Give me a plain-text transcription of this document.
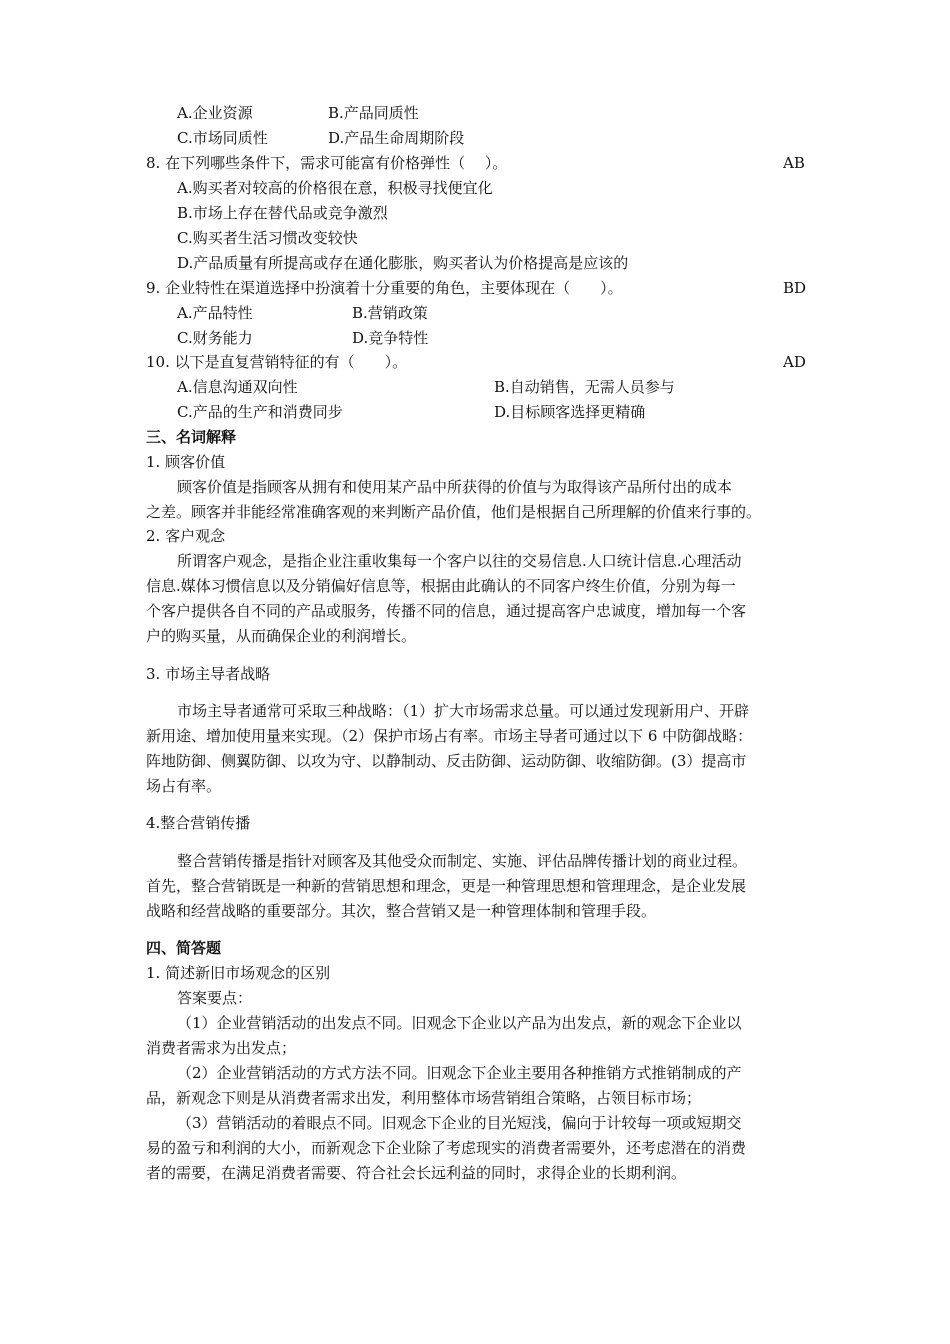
A.企业资源	B.产品同质性
C.市场同质性	D.产品生命周期阶段
8. 在下列哪些条件下，需求可能富有价格弹性（　 ）。	AB
A.购买者对较高的价格很在意，积极寻找便宜化
B.市场上存在替代品或竞争激烈
C.购买者生活习惯改变较快
D.产品质量有所提高或存在通化膨胀，购买者认为价格提高是应该的
9. 企业特性在渠道选择中扮演着十分重要的角色，主要体现在（　　）。	BD
A.产品特性	B.营销政策
C.财务能力	D.竞争特性
10. 以下是直复营销特征的有（　　）。	AD
A.信息沟通双向性	B.自动销售，无需人员参与
C.产品的生产和消费同步	D.目标顾客选择更精确
三、名词解释
1. 顾客价值
顾客价值是指顾客从拥有和使用某产品中所获得的价值与为取得该产品所付出的成本
之差。顾客并非能经常准确客观的来判断产品价值，他们是根据自己所理解的价值来行事的。
2. 客户观念
所谓客户观念，是指企业注重收集每一个客户以往的交易信息.人口统计信息.心理活动
信息.媒体习惯信息以及分销偏好信息等，根据由此确认的不同客户终生价值，分别为每一
个客户提供各自不同的产品或服务，传播不同的信息，通过提高客户忠诚度，增加每一个客
户的购买量，从而确保企业的利润增长。
3. 市场主导者战略
市场主导者通常可采取三种战略：（1）扩大市场需求总量。可以通过发现新用户、开辟
新用途、增加使用量来实现。（2）保护市场占有率。市场主导者可通过以下 6 中防御战略：
阵地防御、侧翼防御、以攻为守、以静制动、反击防御、运动防御、收缩防御。(3）提高市
场占有率。
4.整合营销传播
整合营销传播是指针对顾客及其他受众而制定、实施、评估品牌传播计划的商业过程。
首先，整合营销既是一种新的营销思想和理念，更是一种管理思想和管理理念，是企业发展
战略和经营战略的重要部分。其次，整合营销又是一种管理体制和管理手段。
四、简答题
1. 简述新旧市场观念的区别
答案要点：
（1）企业营销活动的出发点不同。旧观念下企业以产品为出发点，新的观念下企业以
消费者需求为出发点；
（2）企业营销活动的方式方法不同。旧观念下企业主要用各种推销方式推销制成的产
品，新观念下则是从消费者需求出发，利用整体市场营销组合策略，占领目标市场；
（3）营销活动的着眼点不同。旧观念下企业的目光短浅，偏向于计较每一项或短期交
易的盈亏和利润的大小，而新观念下企业除了考虑现实的消费者需要外，还考虑潜在的消费
者的需要，在满足消费者需要、符合社会长远利益的同时，求得企业的长期利润。
